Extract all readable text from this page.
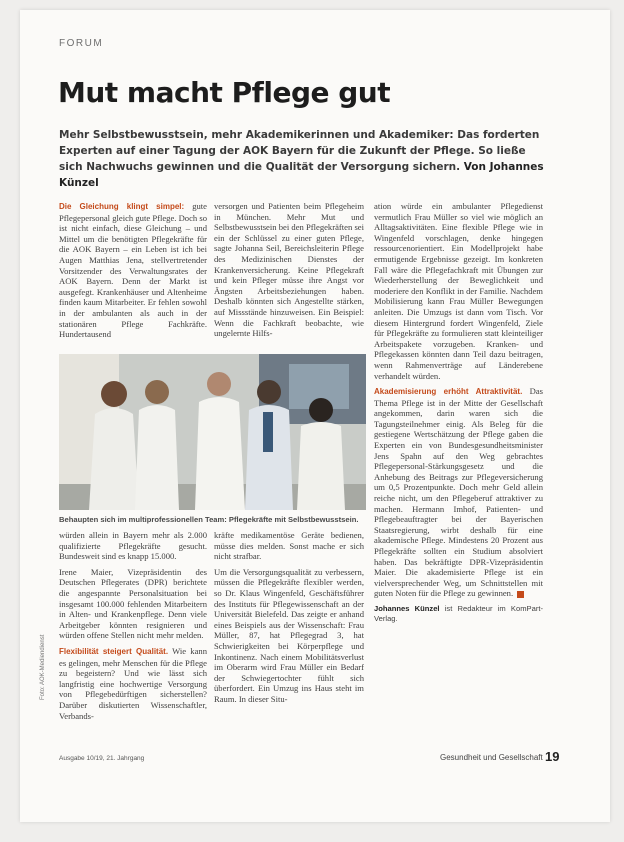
FORUM
Mut macht Pflege gut

Mehr Selbstbewusstsein, mehr Akademikerinnen und Akademiker: Das forderten Experten auf einer Tagung der AOK Bayern für die Zukunft der Pflege. So ließe sich Nachwuchs gewinnen und die Qualität der Versorgung sichern. Von Johannes Künzel

Die Gleichung klingt simpel: gute Pflegepersonal gleich gute Pflege. Doch so ist nicht einfach, diese Gleichung – und Mittel um die benötigten Pflegekräfte für die AOK Bayern – ein Leben ist ich bei Augen Matthias Jena, stellvertretender Vorsitzender des Verwaltungsrates der AOK Bayern. Denn der Markt ist ausgefegt. Krankenhäuser und Altenheime finden kaum Mitarbeiter. Er fehlen sowohl in der ambulanten als auch in der stationären Pflege Fachkräfte. Hundertausend

versorgen und Patienten beim Pflegeheim in München. Mehr Mut und Selbstbewusstsein bei den Pflegekräften sei ein der Schlüssel zu einer guten Pflege, sagte Johanna Seil, Bereichsleiterin Pflege des Medizinischen Dienstes der Krankenversicherung. Keine Pflegekraft und kein Pfleger müsse ihre Angst vor Ängsten Arbeitsbeziehungen haben. Deshalb könnten sich Angestellte stärken, auf Missstände hinzuweisen. Ein Beispiel: Wenn die Fachkraft beobachte, wie ungelernte Hilfs-

Behaupten sich im multiprofessionellen Team: Pflegekräfte mit Selbstbewusstsein.
Foto: AOK-Mediendienst

würden allein in Bayern mehr als 2.000 qualifizierte Pflegekräfte gesucht. Bundesweit sind es knapp 15.000.

Irene Maier, Vizepräsidentin des Deutschen Pflegerates (DPR) berichtete die angespannte Personalsituation bei insgesamt 100.000 fehlenden Mitarbeitern in Alten- und Krankenpflege. Denn viele Arbeitgeber könnten resignieren und würden offene Stellen nicht mehr melden.

Flexibilität steigert Qualität. Wie kann es gelingen, mehr Menschen für die Pflege zu begeistern? Und wie lässt sich langfristig eine hochwertige Versorgung von Pflegebedürftigen sicherstellen? Darüber diskutierten Wissenschaftler, Verbands-

kräfte medikamentöse Geräte bedienen, müsse dies melden. Sonst mache er sich nicht strafbar.

Um die Versorgungsqualität zu verbessern, müssen die Pflegekräfte flexibler werden, so Dr. Klaus Wingenfeld, Geschäftsführer des Instituts für Pflegewissenschaft an der Universität Bielefeld. Das zeigte er anhand eines Beispiels aus der Wissenschaft: Frau Müller, 87, hat Pflegegrad 3, hat Schwierigkeiten bei Körperpflege und Inkontinenz. Nach einem Mobilitätsverlust im Oberarm wird Frau Müller ein Bedarf der Schwiegertochter fühlt sich überfordert. Ein Umzug ins Haus steht im Raum. In dieser Situ-

ation würde ein ambulanter Pflegedienst vermutlich Frau Müller so viel wie möglich an Alltagsaktivitäten. Eine flexible Pflege wie in Wingenfeld vorschlagen, denke hingegen ressourcenorientiert. Ein Modellprojekt habe ermutigende Ergebnisse gezeigt. Im konkreten Fall wäre die Pflegefachkraft mit Übungen zur Wiederherstellung der Beweglichkeit und moderiere den Konflikt in der Familie. Nachdem Mobilisierung kann Frau Müller Bewegungen anleiten. Die Umzugs ist dann vom Tisch. Vor diesem Hintergrund fordert Wingenfeld, Ziele für Pflegekräfte zu formulieren statt kleinteiliger Arbeitspakete vorzugeben. Kranken- und Pflegekassen könnten dann Teil dazu beitragen, wenn Rahmenverträge auf Länderebene verhandelt würden.

Akademisierung erhöht Attraktivität. Das Thema Pflege ist in der Mitte der Gesellschaft angekommen, darin waren sich die Tagungsteilnehmer einig. Als Beleg für die gestiegene Wertschätzung der Pflege gaben die Experten ein von Bundesgesundheitsminister Jens Spahn auf den Weg gebrachtes Pflegepersonal-Stärkungsgesetz und die Anhebung des Beitrags zur Pflegeversicherung um 0,5 Prozentpunkte. Doch mehr Geld allein reiche nicht, um den Pflegeberuf attraktiver zu machen. Hermann Imhof, Patienten- und Pflegebeauftragter bei der Bayerischen Staatsregierung, wirbt deshalb für eine akademische Pflege. Mindestens 20 Prozent aus Pflegekräfte sollten ein Studium absolviert haben. Das bekräftigte DPR-Vizepräsidentin Maier. Die akademisierte Pflege ist ein vielversprechender Weg, um Schnittstellen mit guten Noten für die Pflege zu gewinnen.

Johannes Künzel ist Redakteur im KomPart-Verlag.

Ausgabe 10/19, 21. Jahrgang	Gesundheit und Gesellschaft 19
